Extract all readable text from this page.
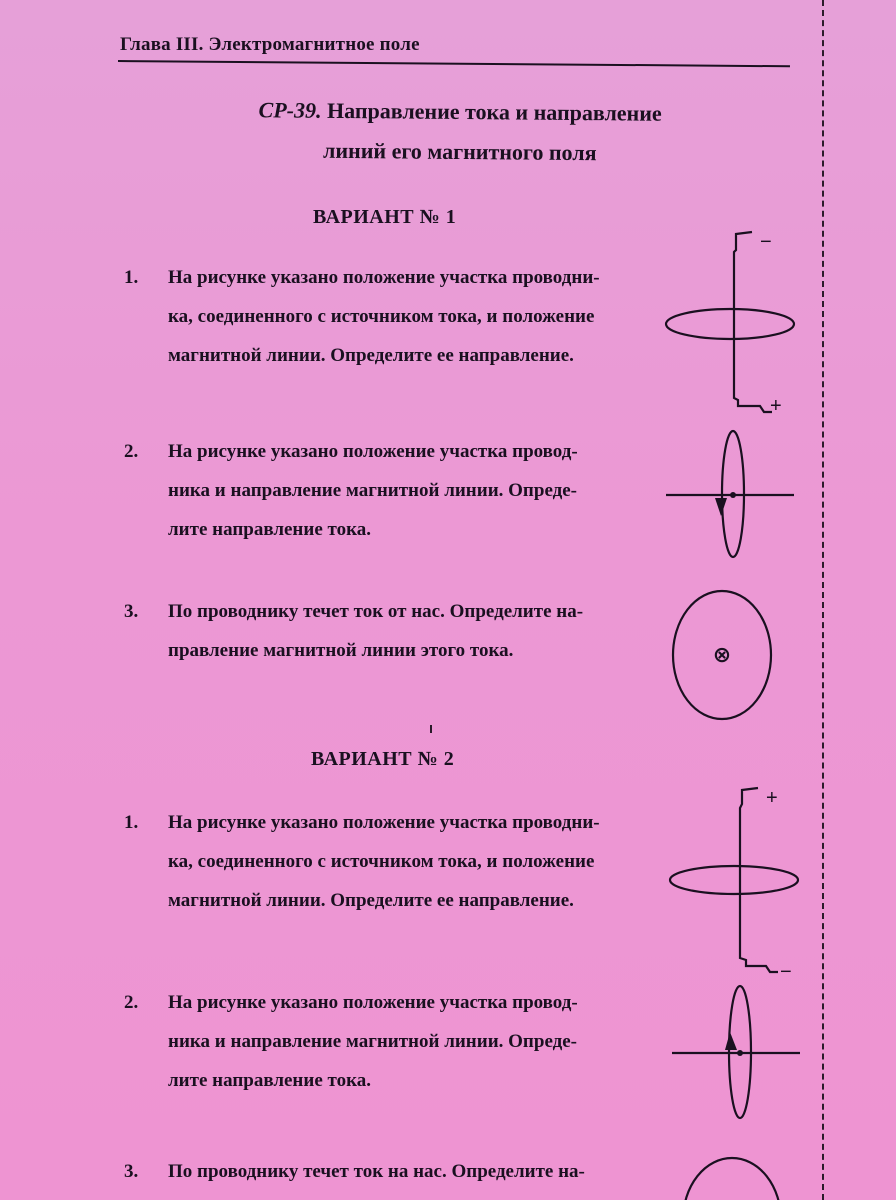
Глава III. Электромагнитное поле
СР-39. Направление тока и направление
линий его магнитного поля
ВАРИАНТ № 1
1.	На рисунке указано положение участка проводни-
ка, соединенного с источником тока, и положение
магнитной линии. Определите ее направление.
−
+
2.	На рисунке указано положение участка провод-
ника и направление магнитной линии. Опреде-
лите направление тока.
3.	По проводнику течет ток от нас. Определите на-
правление магнитной линии этого тока.	⊗
ВАРИАНТ № 2
1.	На рисунке указано положение участка проводни-
ка, соединенного с источником тока, и положение
магнитной линии. Определите ее направление.
+
−
2.	На рисунке указано положение участка провод-
ника и направление магнитной линии. Опреде-
лите направление тока.
3.	По проводнику течет ток на нас. Определите на-
